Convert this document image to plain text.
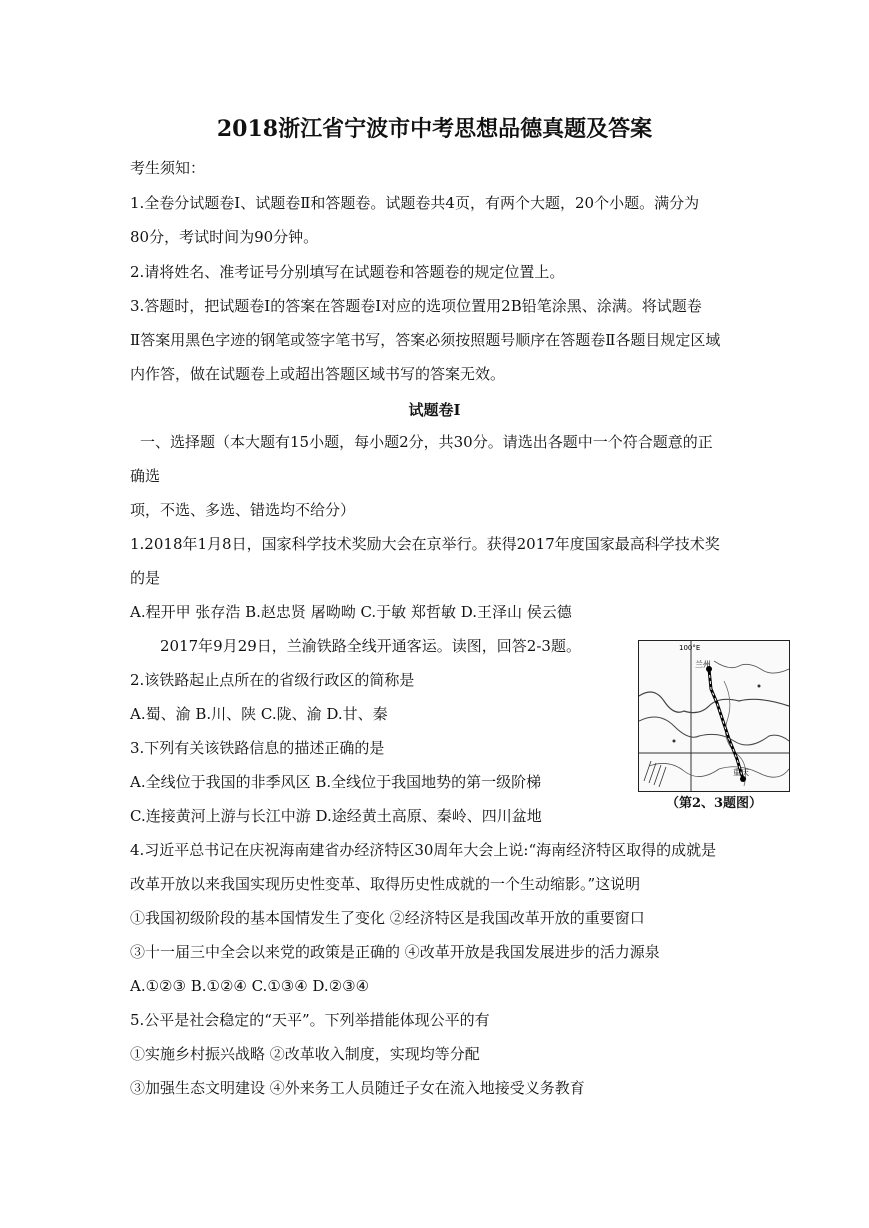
2018浙江省宁波市中考思想品德真题及答案
考生须知：
1.全卷分试题卷Ⅰ、试题卷Ⅱ和答题卷。试题卷共4页，有两个大题，20个小题。满分为
80分，考试时间为90分钟。
2.请将姓名、准考证号分别填写在试题卷和答题卷的规定位置上。
3.答题时，把试题卷Ⅰ的答案在答题卷Ⅰ对应的选项位置用2B铅笔涂黑、涂满。将试题卷
Ⅱ答案用黑色字迹的钢笔或签字笔书写，答案必须按照题号顺序在答题卷Ⅱ各题目规定区域
内作答，做在试题卷上或超出答题区域书写的答案无效。
试题卷Ⅰ
一、选择题（本大题有15小题，每小题2分，共30分。请选出各题中一个符合题意的正
确选
项，不选、多选、错选均不给分）
1.2018年1月8日，国家科学技术奖励大会在京举行。获得2017年度国家最高科学技术奖
的是
A.程开甲 张存浩 B.赵忠贤 屠呦呦 C.于敏 郑哲敏 D.王泽山 侯云德
2017年9月29日，兰渝铁路全线开通客运。读图，回答2-3题。
2.该铁路起止点所在的省级行政区的简称是
A.蜀、渝 B.川、陕 C.陇、渝 D.甘、秦
3.下列有关该铁路信息的描述正确的是
A.全线位于我国的非季风区 B.全线位于我国地势的第一级阶梯
C.连接黄河上游与长江中游 D.途经黄土高原、秦岭、四川盆地
4.习近平总书记在庆祝海南建省办经济特区30周年大会上说:“海南经济特区取得的成就是
改革开放以来我国实现历史性变革、取得历史性成就的一个生动缩影。”这说明
①我国初级阶段的基本国情发生了变化 ②经济特区是我国改革开放的重要窗口
③十一届三中全会以来党的政策是正确的 ④改革开放是我国发展进步的活力源泉
A.①②③ B.①②④ C.①③④ D.②③④
5.公平是社会稳定的“天平”。下列举措能体现公平的有
①实施乡村振兴战略 ②改革收入制度，实现均等分配
③加强生态文明建设 ④外来务工人员随迁子女在流入地接受义务教育
100°E
兰州
重庆
（第2、3题图）
